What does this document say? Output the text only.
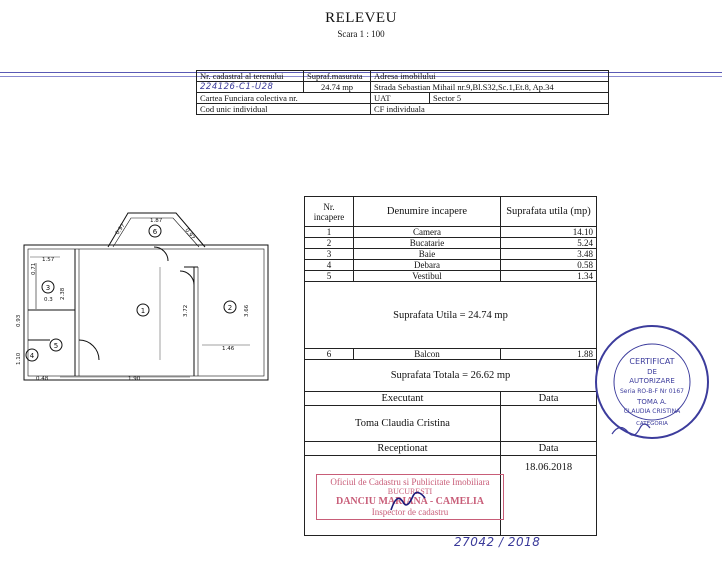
RELEVEU
Scara 1 : 100
Nr. cadastral al terenului	Supraf.masurata	Adresa imobilului	
224126-C1-U28	24.74 mp	Strada Sebastian Mihail nr.9,Bl.S32,Sc.1,Et.8, Ap.34	
Cartea Funciara colectiva nr.		UAT	Sector 5
Cod unic individual		CF individuala	
Nr. incapere	Denumire incapere	Suprafata utila (mp)
1	Camera	14.10
2	Bucatarie	5.24
3	Baie	3.48
4	Debara	0.58
5	Vestibul	1.34
Suprafata Utila = 24.74 mp		
6	Balcon	1.88
Suprafata Totala = 26.62 mp		
Executant		Data
Toma Claudia Cristina		
Receptionat		Data
		18.06.2018
1	2
3
4
5
6
1.57
0.71
2.38
0.3
1.87
0.97	0.97
3.72	3.66
1.46
1.90
0.48
1.10
0.93
CERTIFICAT
DE
AUTORIZARE
Seria RO-B-F Nr 0167
TOMA A.
CLAUDIA CRISTINA
CATEGORIA
Oficiul de Cadastru si Publicitate Imobiliara
BUCURESTI
DANCIU MARIANA - CAMELIA
Inspector de cadastru
27042 / 2018
